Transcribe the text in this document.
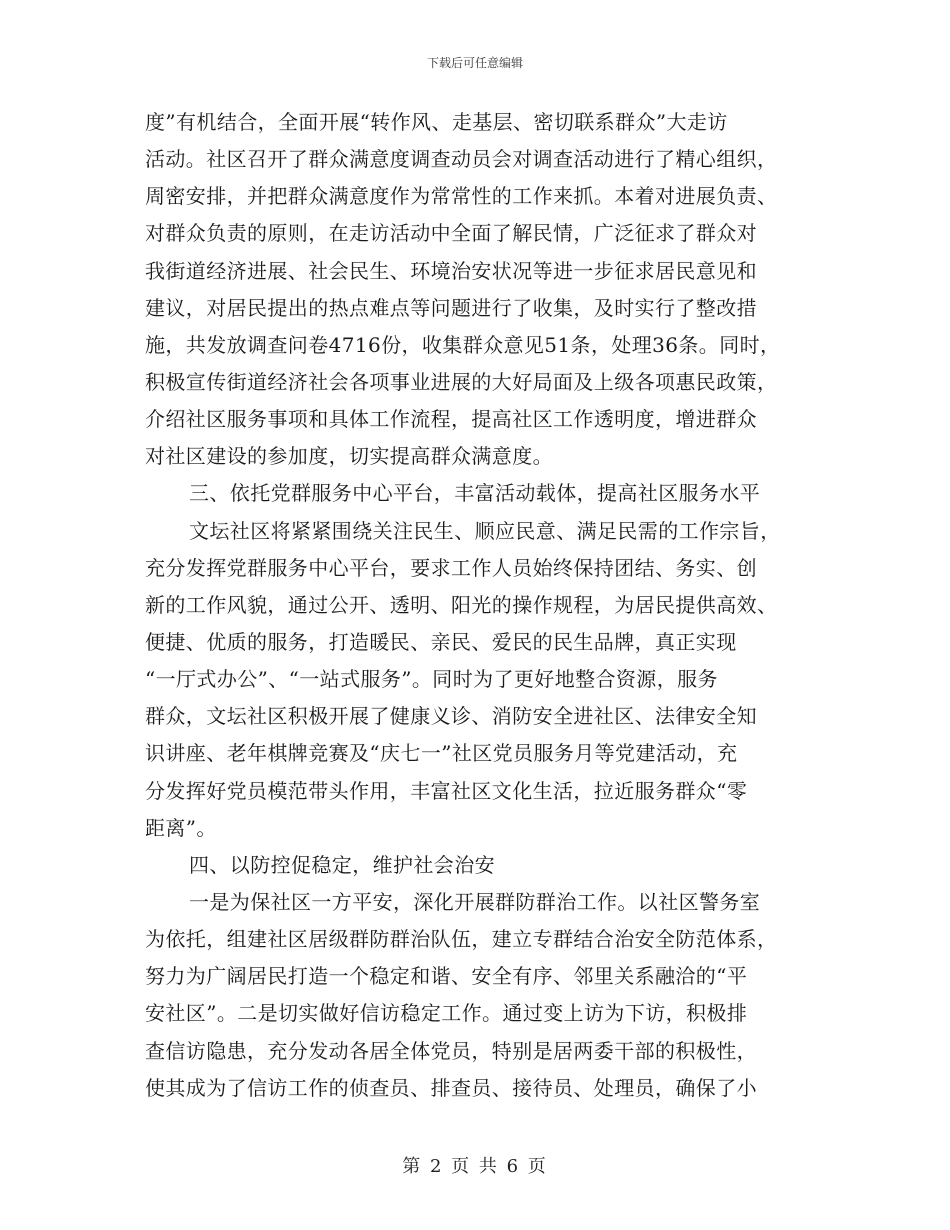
下载后可任意编辑
度”有机结合，全面开展“转作风、走基层、密切联系群众”大走访
活动。社区召开了群众满意度调查动员会对调查活动进行了精心组织，
周密安排，并把群众满意度作为常常性的工作来抓。本着对进展负责、
对群众负责的原则，在走访活动中全面了解民情，广泛征求了群众对
我街道经济进展、社会民生、环境治安状况等进一步征求居民意见和
建议，对居民提出的热点难点等问题进行了收集，及时实行了整改措
施，共发放调查问卷4716份，收集群众意见51条，处理36条。同时，
积极宣传街道经济社会各项事业进展的大好局面及上级各项惠民政策，
介绍社区服务事项和具体工作流程，提高社区工作透明度，增进群众
对社区建设的参加度，切实提高群众满意度。
三、依托党群服务中心平台，丰富活动载体，提高社区服务水平
文坛社区将紧紧围绕关注民生、顺应民意、满足民需的工作宗旨，
充分发挥党群服务中心平台，要求工作人员始终保持团结、务实、创
新的工作风貌，通过公开、透明、阳光的操作规程，为居民提供高效、
便捷、优质的服务，打造暖民、亲民、爱民的民生品牌，真正实现
“一厅式办公”、“一站式服务”。同时为了更好地整合资源，服务
群众，文坛社区积极开展了健康义诊、消防安全进社区、法律安全知
识讲座、老年棋牌竞赛及“庆七一”社区党员服务月等党建活动，充
分发挥好党员模范带头作用，丰富社区文化生活，拉近服务群众“零
距离”。
四、以防控促稳定，维护社会治安
一是为保社区一方平安，深化开展群防群治工作。以社区警务室
为依托，组建社区居级群防群治队伍，建立专群结合治安全防范体系，
努力为广阔居民打造一个稳定和谐、安全有序、邻里关系融洽的“平
安社区”。二是切实做好信访稳定工作。通过变上访为下访，积极排
查信访隐患，充分发动各居全体党员，特别是居两委干部的积极性，
使其成为了信访工作的侦查员、排查员、接待员、处理员，确保了小
第 2 页 共 6 页
